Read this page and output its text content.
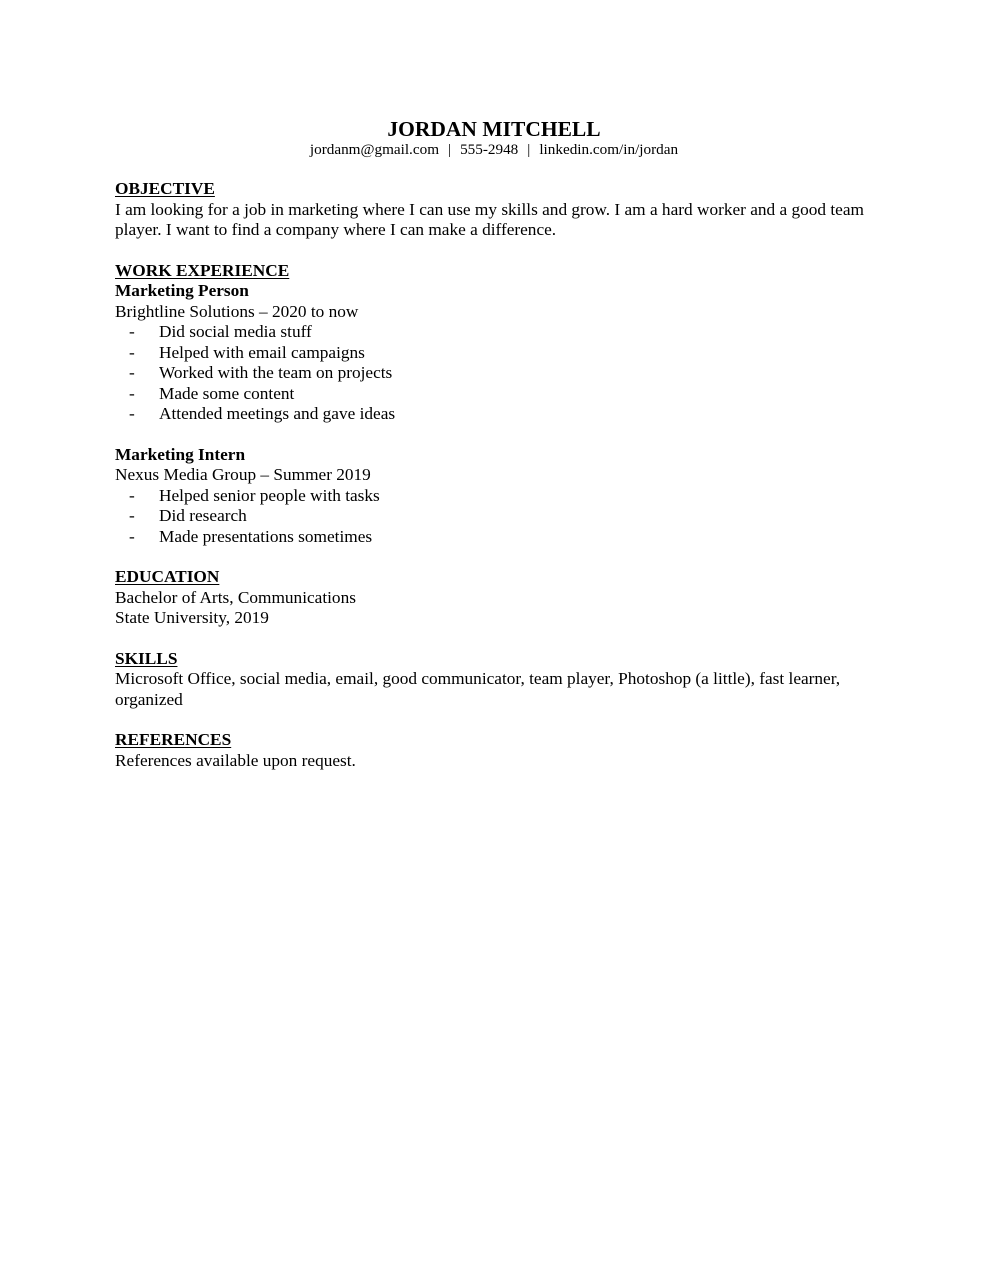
JORDAN MITCHELL
jordanm@gmail.com | 555-2948 | linkedin.com/in/jordan
OBJECTIVE

I am looking for a job in marketing where I can use my skills and grow. I am a hard worker and a good team player. I want to find a company where I can make a difference.

WORK EXPERIENCE
Marketing Person
Brightline Solutions – 2020 to now
- Did social media stuff
- Helped with email campaigns
- Worked with the team on projects
- Made some content
- Attended meetings and gave ideas
Marketing Intern
Nexus Media Group – Summer 2019
- Helped senior people with tasks
- Did research
- Made presentations sometimes
EDUCATION
Bachelor of Arts, Communications
State University, 2019
SKILLS

Microsoft Office, social media, email, good communicator, team player, Photoshop (a little), fast learner, organized

REFERENCES

References available upon request.
